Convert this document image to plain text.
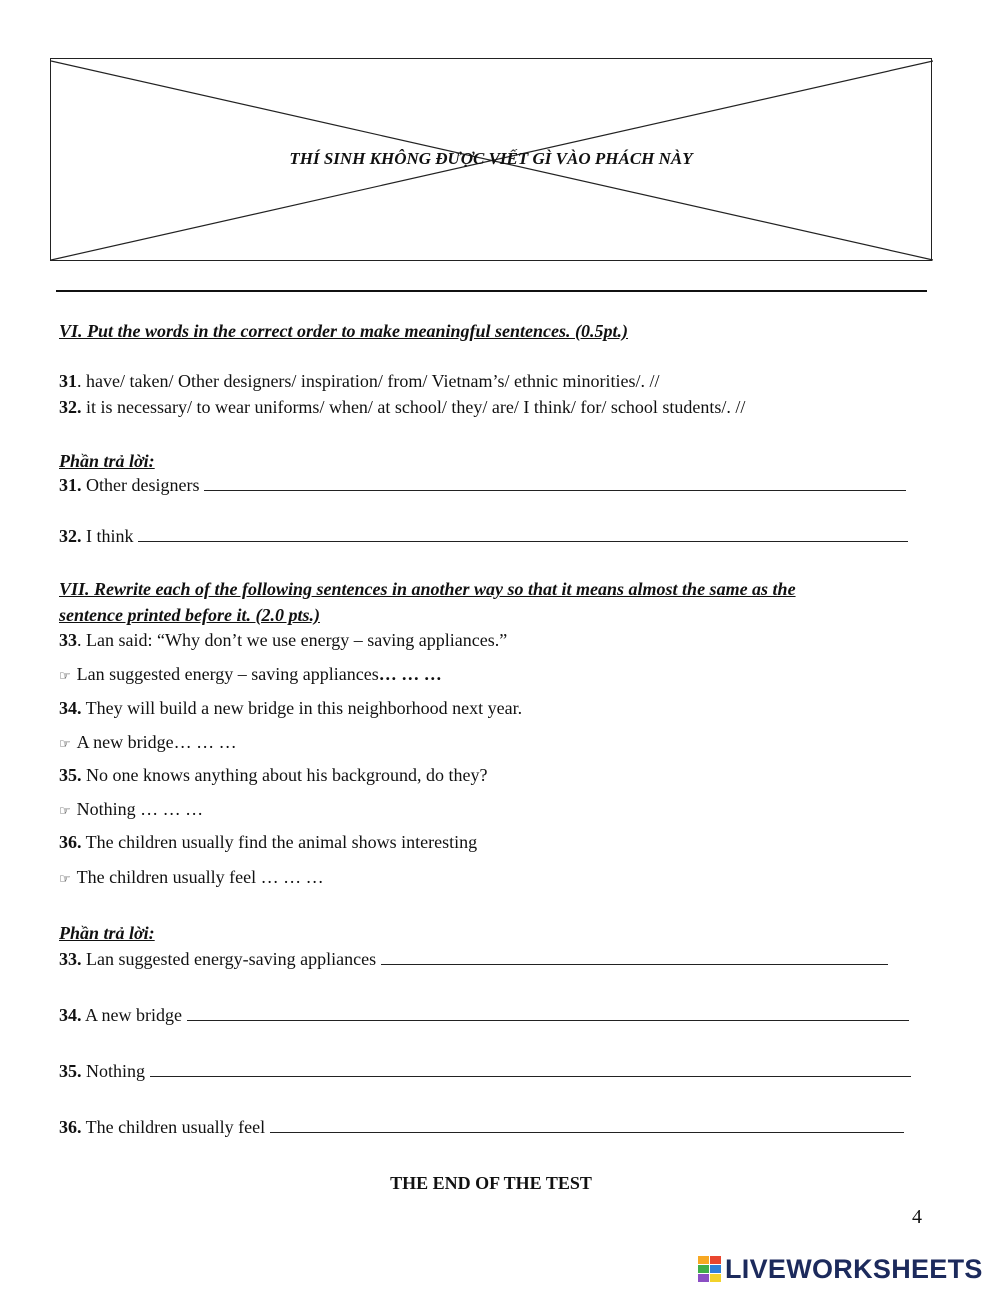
THÍ SINH KHÔNG ĐƯỢC VIẾT GÌ VÀO PHÁCH NÀY
VI. Put the words in the correct order to make meaningful sentences. (0.5pt.)
31. have/ taken/ Other designers/ inspiration/ from/ Vietnam’s/ ethnic minorities/. //
32. it is necessary/ to wear uniforms/ when/ at school/ they/ are/ I think/ for/ school students/. //
Phần trả lời:
31. Other designers
32. I think
VII. Rewrite each of the following sentences in another way so that it means almost the same as the
sentence printed before it. (2.0 pts.)
33. Lan said: “Why don’t we use energy – saving appliances.”
☞ Lan suggested energy – saving appliances… … …
34. They will build a new bridge in this neighborhood next year.
☞ A new bridge… … …
35. No one knows anything about his background, do they?
☞ Nothing … … …
36. The children usually find the animal shows interesting
☞ The children usually feel … … …
Phần trả lời:
33. Lan suggested energy-saving appliances
34. A new bridge
35. Nothing
36. The children usually feel
THE END OF THE TEST
4
LIVEWORKSHEETS
